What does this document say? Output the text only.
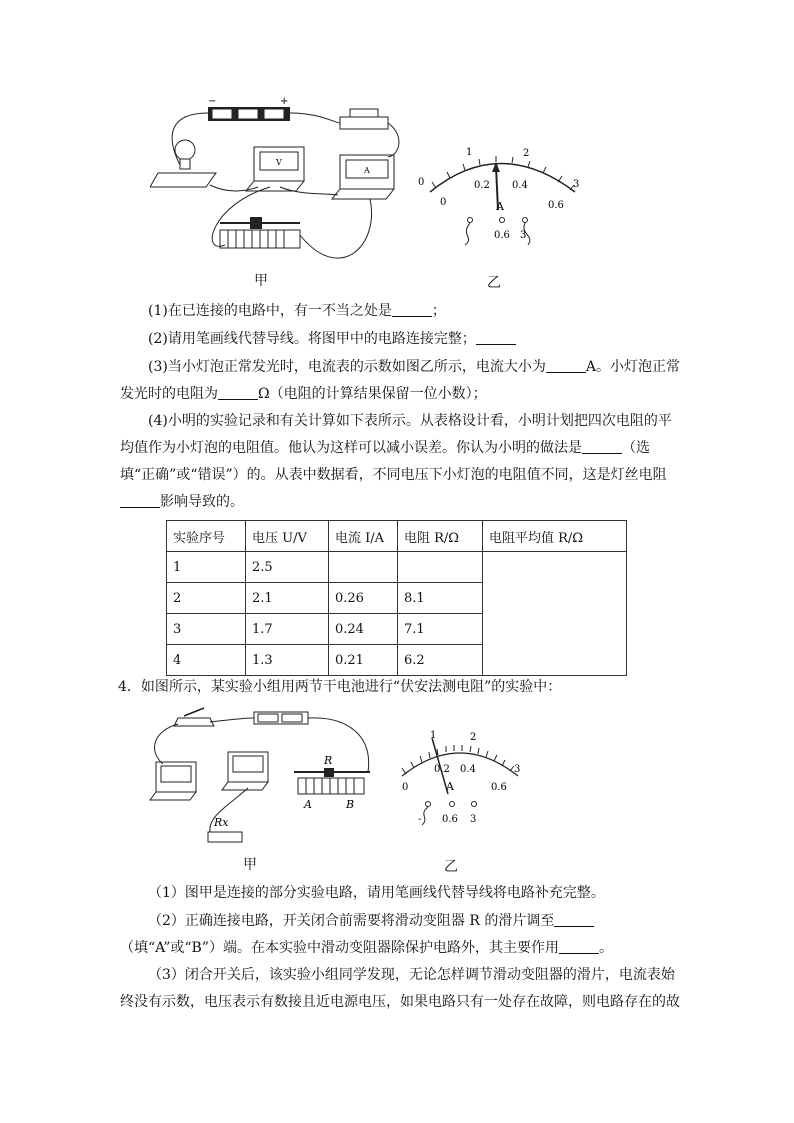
−	+
V
A
甲
0
1	2
3
0
0.2 0.4
0.6
A
0.6 3
乙

(1)在已连接的电路中，有一不当之处是	；

(2)请用笔画线代替导线。将图甲中的电路连接完整；

(3)当小灯泡正常发光时，电流表的示数如图乙所示，电流大小为	A。小灯泡正常发光时的电阻为	Ω（电阻的计算结果保留一位小数）；

(4)小明的实验记录和有关计算如下表所示。从表格设计看，小明计划把四次电阻的平均值作为小灯泡的电阻值。他认为这样可以减小误差。你认为小明的做法是	（选填“正确”或“错误”）的。从表中数据看，不同电压下小灯泡的电阻值不同，这是灯丝电阻影响导致的。

实验序号	电压 U/V	电流 I/A	电阻 R/Ω	电阻平均值 R/Ω
1	2.5			
2	2.1	0.26	8.1	
3	1.7	0.24	7.1	
4	1.3	0.21	6.2	

4．如图所示，某实验小组用两节干电池进行“伏安法测电阻”的实验中：

R
A	B
Rx
甲
0
1	2
3
0.2 0.4
0.6
A
- 0.6 3
乙

（1）图甲是连接的部分实验电路，请用笔画线代替导线将电路补充完整。

（2）正确连接电路，开关闭合前需要将滑动变阻器 R 的滑片调至（填“A”或“B”）端。在本实验中滑动变阻器除保护电路外，其主要作用	。

（3）闭合开关后，该实验小组同学发现，无论怎样调节滑动变阻器的滑片，电流表始终没有示数，电压表示有数接且近电源电压，如果电路只有一处存在故障，则电路存在的故
